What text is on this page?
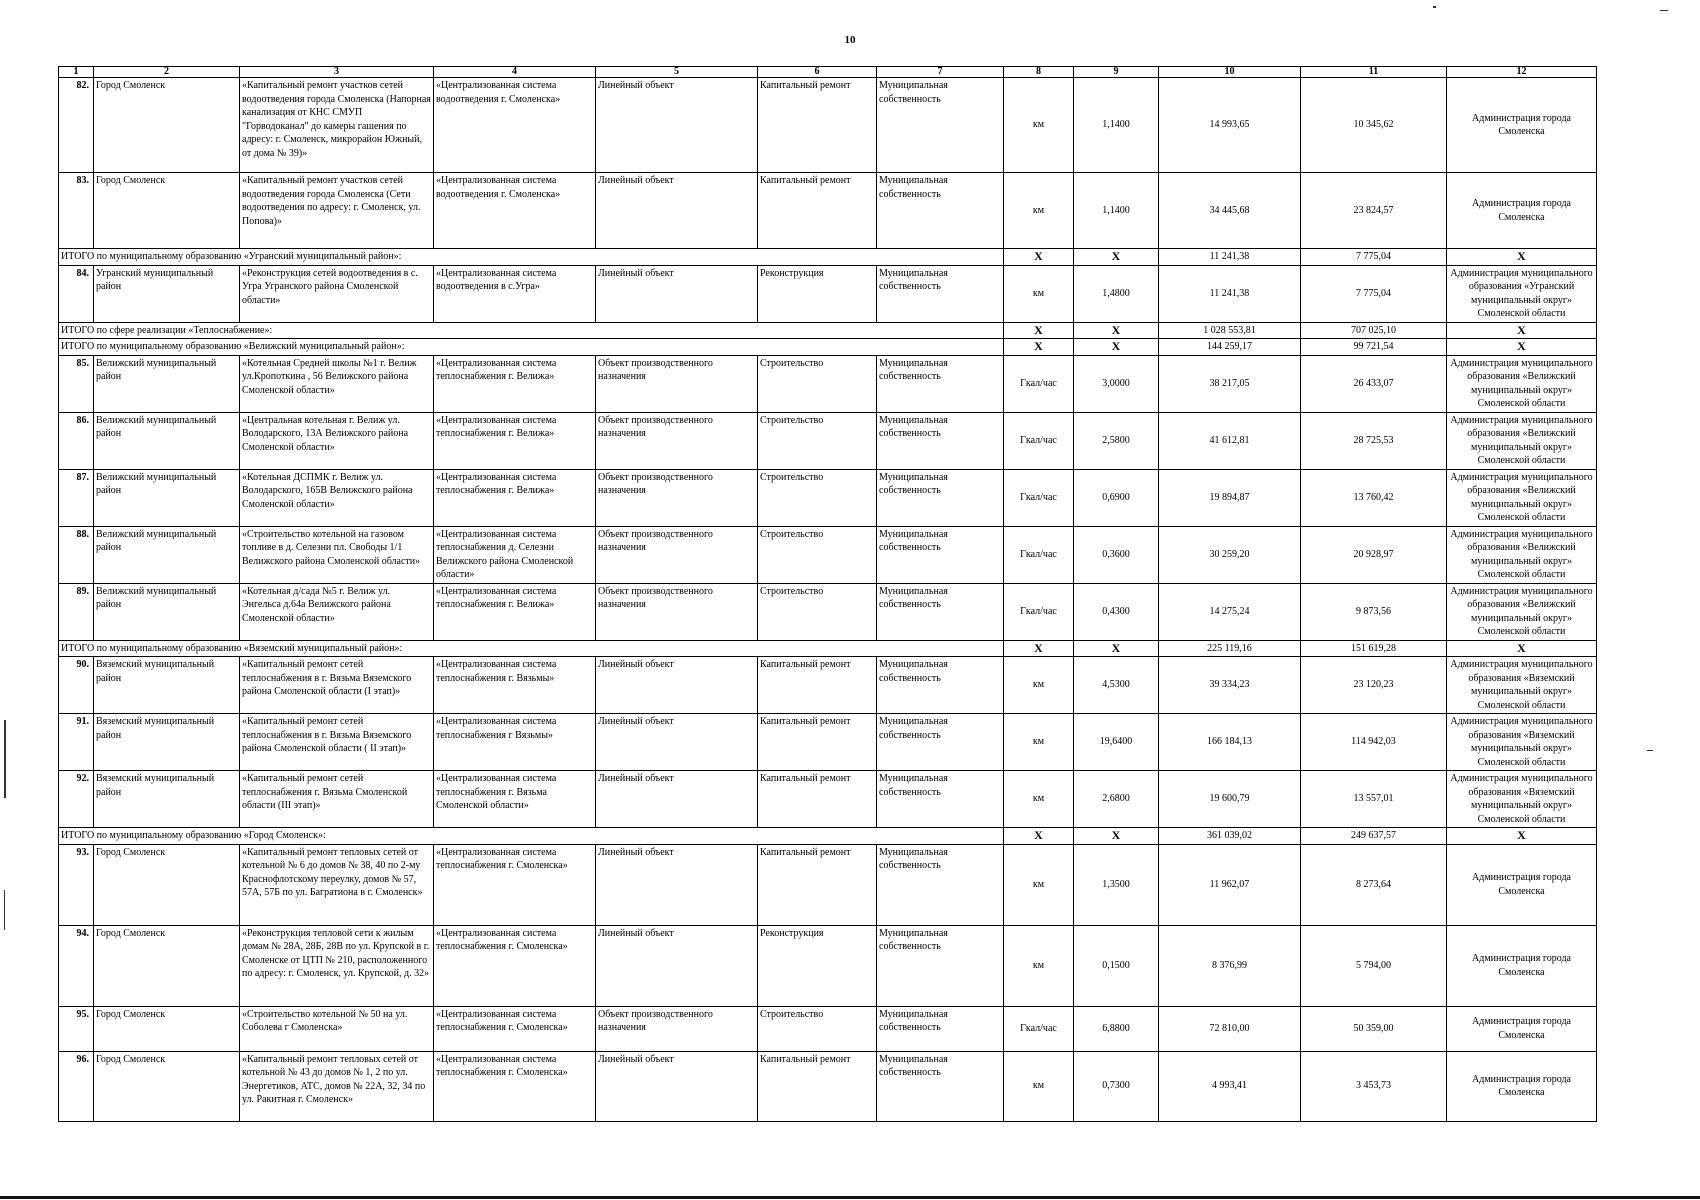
10
1	2	3	4	5	6	7	8	9	10	11	12
82.	Город Смоленск	«Капитальный ремонт участков сетей водоотведения города Смоленска (Напорная канализация от КНС СМУП "Горводоканал" до камеры гашения по адресу: г. Смоленск, микрорайон Южный, от дома № 39)»	«Централизованная система водоотведения г. Смоленска»	Линейный объект	Капитальный ремонт	Муниципальная собственность	км	1,1400	14 993,65	10 345,62	Администрация города Смоленска
83.	Город Смоленск	«Капитальный ремонт участков сетей водоотведения города Смоленска (Сети водоотведения по адресу: г. Смоленск, ул. Попова)»	«Централизованная система водоотведения г. Смоленска»	Линейный объект	Капитальный ремонт	Муниципальная собственность	км	1,1400	34 445,68	23 824,57	Администрация города Смоленска
ИТОГО по муниципальному образованию «Угранский муниципальный район»:							X	X	11 241,38	7 775,04	X
84.	Угранский муниципальный район	«Реконструкция сетей водоотведения в с. Угра Угранского района Смоленской области»	«Централизованная система водоотведения в с.Угра»	Линейный объект	Реконструкция	Муниципальная собственность	км	1,4800	11 241,38	7 775,04	Администрация муниципального образования «Угранский муниципальный округ» Смоленской области
ИТОГО по сфере реализации «Теплоснабжение»:							X	X	1 028 553,81	707 025,10	X
ИТОГО по муниципальному образованию «Велижский муниципальный район»:							X	X	144 259,17	99 721,54	X
85.	Велижский муниципальный район	«Котельная Средней школы №1 г. Велиж ул.Кропоткина , 56 Велижского района Смоленской области»	«Централизованная система теплоснабжения г. Велижа»	Объект производственного назначения	Строительство	Муниципальная собственность	Гкал/час	3,0000	38 217,05	26 433,07	Администрация муниципального образования «Велижский муниципальный округ» Смоленской области
86.	Велижский муниципальный район	«Центральная котельная г. Велиж ул. Володарского, 13А Велижского района Смоленской области»	«Централизованная система теплоснабжения г. Велижа»	Объект производственного назначения	Строительство	Муниципальная собственность	Гкал/час	2,5800	41 612,81	28 725,53	Администрация муниципального образования «Велижский муниципальный округ» Смоленской области
87.	Велижский муниципальный район	«Котельная ДСПМК г. Велиж ул. Володарского, 165В Велижского района Смоленской области»	«Централизованная система теплоснабжения г. Велижа»	Объект производственного назначения	Строительство	Муниципальная собственность	Гкал/час	0,6900	19 894,87	13 760,42	Администрация муниципального образования «Велижский муниципальный округ» Смоленской области
88.	Велижский муниципальный район	«Строительство котельной на газовом топливе в д. Селезни пл. Свободы 1/1 Велижского района Смоленской области»	«Централизованная система теплоснабжения д. Селезни Велижского района Смоленской области»	Объект производственного назначения	Строительство	Муниципальная собственность	Гкал/час	0,3600	30 259,20	20 928,97	Администрация муниципального образования «Велижский муниципальный округ» Смоленской области
89.	Велижский муниципальный район	«Котельная д/сада №5 г. Велиж ул. Энгельса д.64а Велижского района Смоленской области»	«Централизованная система теплоснабжения г. Велижа»	Объект производственного назначения	Строительство	Муниципальная собственность	Гкал/час	0,4300	14 275,24	9 873,56	Администрация муниципального образования «Велижский муниципальный округ» Смоленской области
ИТОГО по муниципальному образованию «Вяземский муниципальный район»:							X	X	225 119,16	151 619,28	X
90.	Вяземский муниципальный район	«Капитальный ремонт сетей теплоснабжения в г. Вязьма Вяземского района Смоленской области (I этап)»	«Централизованная система теплоснабжения г. Вязьмы»	Линейный объект	Капитальный ремонт	Муниципальная собственность	км	4,5300	39 334,23	23 120,23	Администрация муниципального образования «Вяземский муниципальный округ» Смоленской области
91.	Вяземский муниципальный район	«Капитальный ремонт сетей теплоснабжения в г. Вязьма Вяземского района Смоленской области ( II этап)»	«Централизованная система теплоснабжения г Вязьмы»	Линейный объект	Капитальный ремонт	Муниципальная собственность	км	19,6400	166 184,13	114 942,03	Администрация муниципального образования «Вяземский муниципальный округ» Смоленской области
92.	Вяземский муниципальный район	«Капитальный ремонт сетей теплоснабжения г. Вязьма Смоленской области (III этап)»	«Централизованная система теплоснабжения г. Вязьма Смоленской области»	Линейный объект	Капитальный ремонт	Муниципальная собственность	км	2,6800	19 600,79	13 557,01	Администрация муниципального образования «Вяземский муниципальный округ» Смоленской области
ИТОГО по муниципальному образованию «Город Смоленск»:							X	X	361 039,02	249 637,57	X
93.	Город Смоленск	«Капитальный ремонт тепловых сетей от котельной № 6 до домов № 38, 40 по 2-му Краснофлотскому переулку, домов № 57, 57А, 57Б по ул. Багратиона в г. Смоленск»	«Централизованная система теплоснабжения г. Смоленска»	Линейный объект	Капитальный ремонт	Муниципальная собственность	км	1,3500	11 962,07	8 273,64	Администрация города Смоленска
94.	Город Смоленск	«Реконструкция тепловой сети к жилым домам № 28А, 28Б, 28В по ул. Крупской в г. Смоленске от ЦТП № 210, расположенного по адресу: г. Смоленск, ул. Крупской, д. 32»	«Централизованная система теплоснабжения г. Смоленска»	Линейный объект	Реконструкция	Муниципальная собственность	км	0,1500	8 376,99	5 794,00	Администрация города Смоленска
95.	Город Смоленск	«Строительство котельной № 50 на ул. Соболева г Смоленска»	«Централизованная система теплоснабжения г. Смоленска»	Объект производственного назначения	Строительство	Муниципальная собственность	Гкал/час	6,8800	72 810,00	50 359,00	Администрация города Смоленска
96.	Город Смоленск	«Капитальный ремонт тепловых сетей от котельной № 43 до домов № 1, 2 по ул. Энергетиков, АТС, домов № 22А, 32, 34 по ул. Ракитная г. Смоленск»	«Централизованная система теплоснабжения г. Смоленска»	Линейный объект	Капитальный ремонт	Муниципальная собственность	км	0,7300	4 993,41	3 453,73	Администрация города Смоленска
